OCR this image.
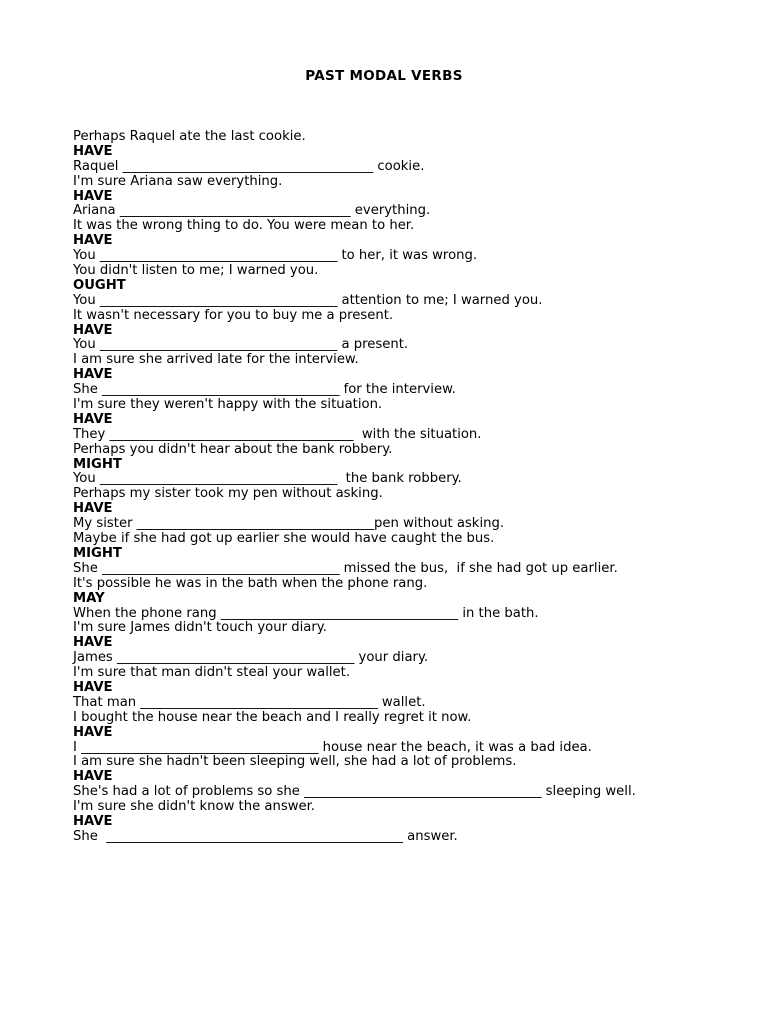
PAST MODAL VERBS
Perhaps Raquel ate the last cookie.
HAVE
Raquel ______________________________________ cookie.
I'm sure Ariana saw everything.
HAVE
Ariana ___________________________________ everything.
It was the wrong thing to do. You were mean to her.
HAVE
You ____________________________________ to her, it was wrong.
You didn't listen to me; I warned you.
OUGHT
You ____________________________________ attention to me; I warned you.
It wasn't necessary for you to buy me a present.
HAVE
You ____________________________________ a present.
I am sure she arrived late for the interview.
HAVE
She ____________________________________ for the interview.
I'm sure they weren't happy with the situation.
HAVE
They _____________________________________  with the situation.
Perhaps you didn't hear about the bank robbery.
MIGHT
You ____________________________________  the bank robbery.
Perhaps my sister took my pen without asking.
HAVE
My sister ____________________________________pen without asking.
Maybe if she had got up earlier she would have caught the bus.
MIGHT
She ____________________________________ missed the bus,  if she had got up earlier.
It's possible he was in the bath when the phone rang.
MAY
When the phone rang ____________________________________ in the bath.
I'm sure James didn't touch your diary.
HAVE
James ____________________________________ your diary.
I'm sure that man didn't steal your wallet.
HAVE
That man ____________________________________ wallet.
I bought the house near the beach and I really regret it now.
HAVE
I ____________________________________ house near the beach, it was a bad idea.
I am sure she hadn't been sleeping well, she had a lot of problems.
HAVE
She's had a lot of problems so she ____________________________________ sleeping well.
I'm sure she didn't know the answer.
HAVE
She  _____________________________________________ answer.
